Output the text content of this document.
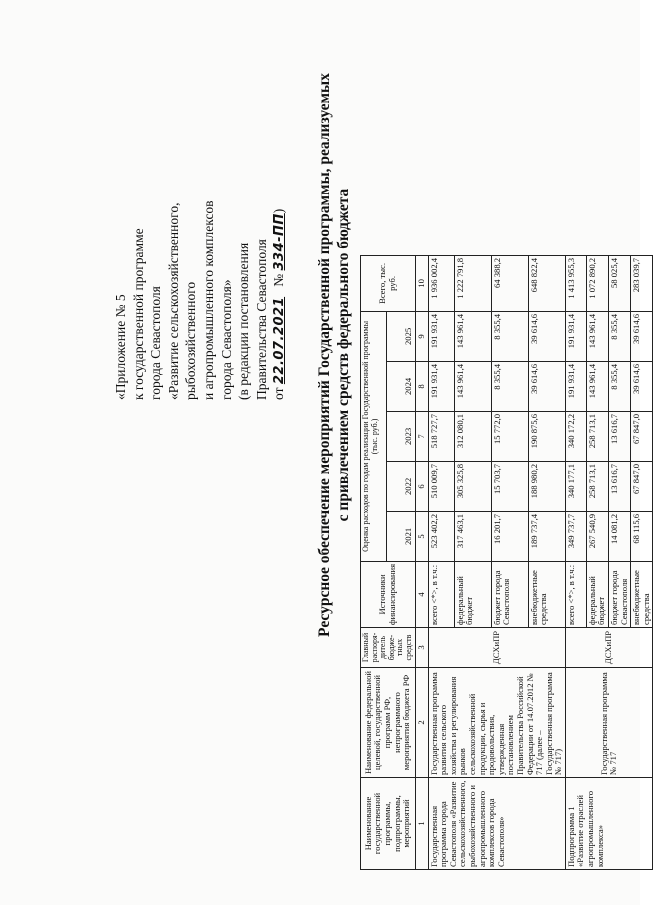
«Приложение № 5 к государственной программе города Севастополя «Развитие сельскохозяйственного, рыбохозяйственного и агропромышленного комплексов города Севастополя» (в редакции постановления Правительства Севастополя от 22.07.2021   № 334-ПП) Ресурсное обеспечение мероприятий Государственной программы, реализуемых с привлечением средств федерального бюджета
Наименование государственной программы, подпрограммы, мероприятий	Наименование федеральной целевой, государственной программ РФ, непрограммного мероприятия бюджета РФ	Главный распоря-дитель бюдже-тных средств	Источники финансирования	Оценка расходов по годам реализации Государственной программы (тыс. руб.)					Всего, тыс. руб.
				2021	2022	2023	2024	2025	
1	2	3	4	5	6	7	8	9	10
Государственная программа города Севастополя «Развитие сельскохозяйственного, рыбохозяйственного и агропромышленного комплексов города Севастополя»	Государственная программа развития сельского хозяйства и регулирования рынков сельскохозяйственной продукции, сырья и продовольствия, утвержденная постановлением Правительства Российской Федерации от 14.07.2012 № 717 (далее – Государственная программа № 717)	ДСХиПР	всего <*>, в т.ч.:	523 402,2	510 009,7	518 727,7	191 931,4	191 931,4	1 936 002,4
			федеральный бюджет	317 463,1	305 325,8	312 080,1	143 961,4	143 961,4	1 222 791,8
			бюджет города Севастополя	16 201,7	15 703,7	15 772,0	8 355,4	8 355,4	64 388,2
			внебюджетные средства	189 737,4	188 980,2	190 875,6	39 614,6	39 614,6	648 822,4
Подпрограмма 1 «Развитие отраслей агропромышленного комплекса»	Государственная программа № 717	ДСХиПР	всего <*>, в т.ч.:	349 737,7	340 177,1	340 172,2	191 931,4	191 931,4	1 413 955,3
			федеральный бюджет	267 540,9	258 713,1	258 713,1	143 961,4	143 961,4	1 072 890,2
			бюджет города Севастополя	14 081,2	13 616,7	13 616,7	8 355,4	8 355,4	58 025,4
			внебюджетные средства	68 115,6	67 847,0	67 847,0	39 614,6	39 614,6	283 039,7
